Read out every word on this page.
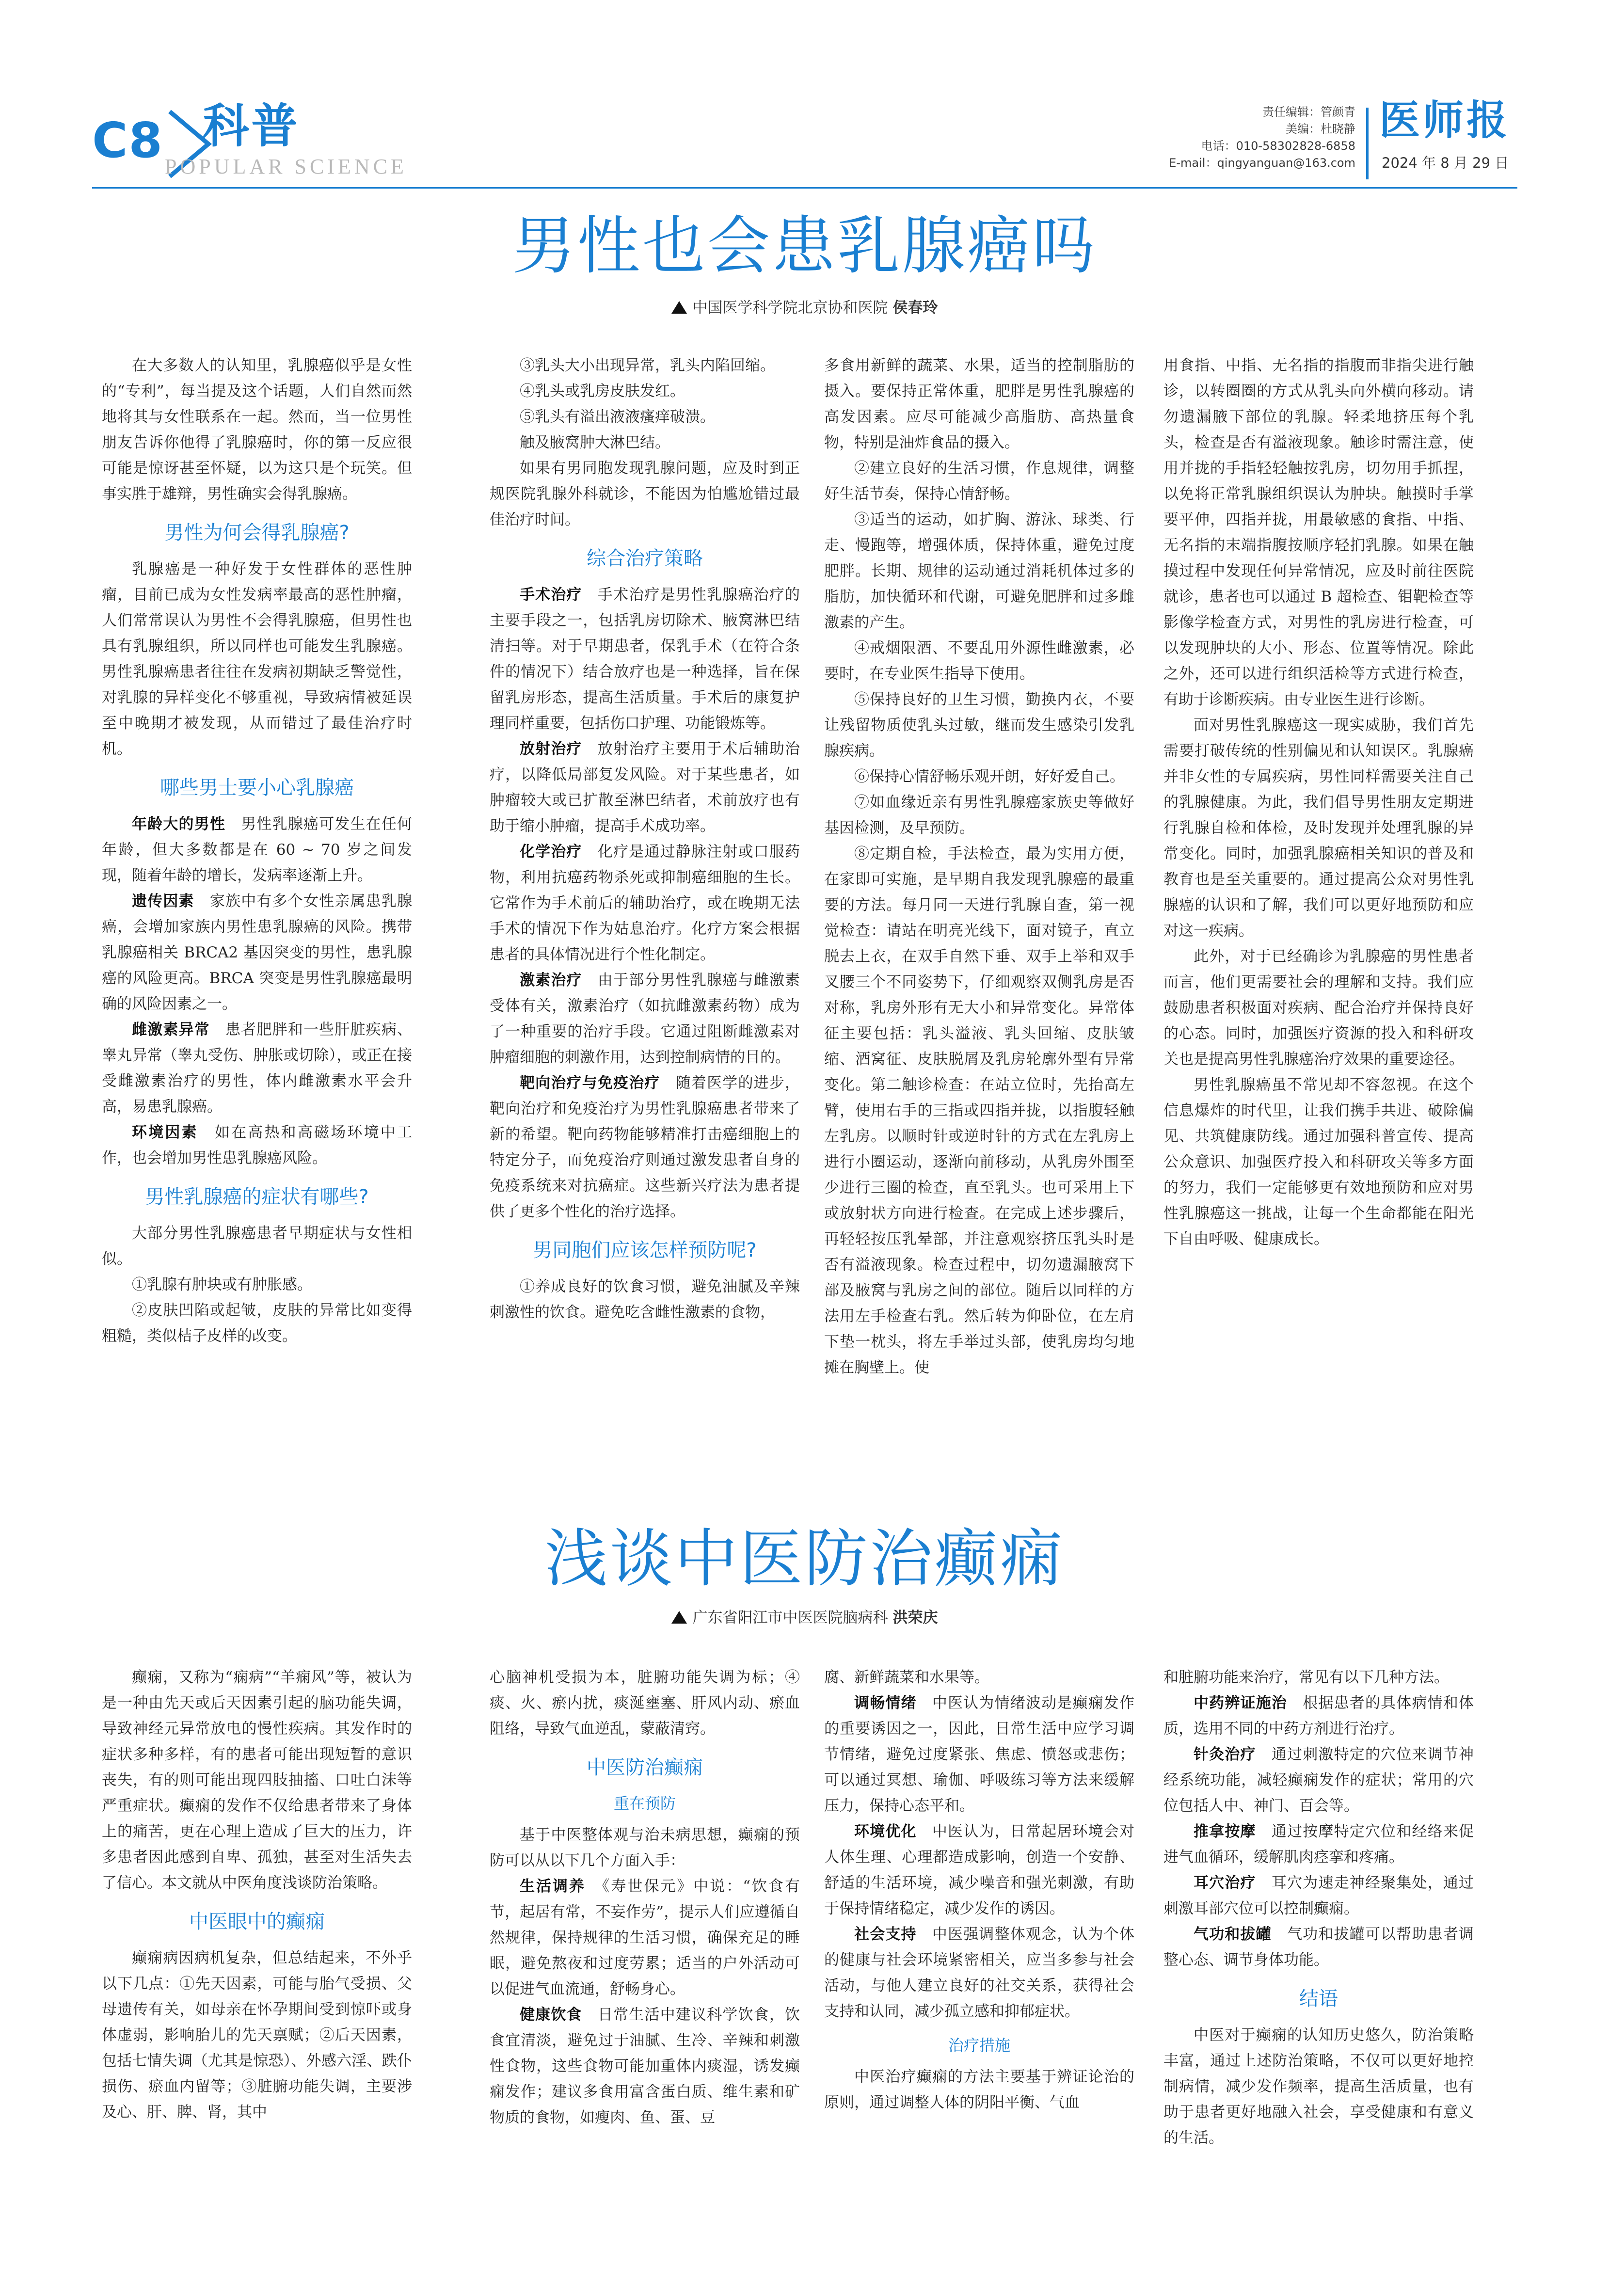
C8 科普
POPULAR SCIENCE
责任编辑：管颜青
美编：杜晓静
电话：010-58302828-6858
E-mail：qingyanguan@163.com
医师报
2024 年 8 月 29 日
男性也会患乳腺癌吗
中国医学科学院北京协和医院 侯春玲

在大多数人的认知里，乳腺癌似乎是女性的“专利”，每当提及这个话题，人们自然而然地将其与女性联系在一起。然而，当一位男性朋友告诉你他得了乳腺癌时，你的第一反应很可能是惊讶甚至怀疑，以为这只是个玩笑。但事实胜于雄辩，男性确实会得乳腺癌。

男性为何会得乳腺癌?

乳腺癌是一种好发于女性群体的恶性肿瘤，目前已成为女性发病率最高的恶性肿瘤，人们常常误认为男性不会得乳腺癌，但男性也具有乳腺组织，所以同样也可能发生乳腺癌。男性乳腺癌患者往往在发病初期缺乏警觉性，对乳腺的异样变化不够重视，导致病情被延误至中晚期才被发现，从而错过了最佳治疗时机。

哪些男士要小心乳腺癌

年龄大的男性　男性乳腺癌可发生在任何年龄，但大多数都是在 60 ~ 70 岁之间发现，随着年龄的增长，发病率逐渐上升。

遗传因素　家族中有多个女性亲属患乳腺癌，会增加家族内男性患乳腺癌的风险。携带乳腺癌相关 BRCA2 基因突变的男性，患乳腺癌的风险更高。BRCA 突变是男性乳腺癌最明确的风险因素之一。

雌激素异常　患者肥胖和一些肝脏疾病、睾丸异常（睾丸受伤、肿胀或切除），或正在接受雌激素治疗的男性，体内雌激素水平会升高，易患乳腺癌。

环境因素　如在高热和高磁场环境中工作，也会增加男性患乳腺癌风险。

男性乳腺癌的症状有哪些?

大部分男性乳腺癌患者早期症状与女性相似。

①乳腺有肿块或有肿胀感。

②皮肤凹陷或起皱，皮肤的异常比如变得粗糙，类似桔子皮样的改变。

③乳头大小出现异常，乳头内陷回缩。

④乳头或乳房皮肤发红。

⑤乳头有溢出液液瘙痒破溃。

触及腋窝肿大淋巴结。

如果有男同胞发现乳腺问题，应及时到正规医院乳腺外科就诊，不能因为怕尴尬错过最佳治疗时间。

综合治疗策略

手术治疗　手术治疗是男性乳腺癌治疗的主要手段之一，包括乳房切除术、腋窝淋巴结清扫等。对于早期患者，保乳手术（在符合条件的情况下）结合放疗也是一种选择，旨在保留乳房形态，提高生活质量。手术后的康复护理同样重要，包括伤口护理、功能锻炼等。

放射治疗　放射治疗主要用于术后辅助治疗，以降低局部复发风险。对于某些患者，如肿瘤较大或已扩散至淋巴结者，术前放疗也有助于缩小肿瘤，提高手术成功率。

化学治疗　化疗是通过静脉注射或口服药物，利用抗癌药物杀死或抑制癌细胞的生长。它常作为手术前后的辅助治疗，或在晚期无法手术的情况下作为姑息治疗。化疗方案会根据患者的具体情况进行个性化制定。

激素治疗　由于部分男性乳腺癌与雌激素受体有关，激素治疗（如抗雌激素药物）成为了一种重要的治疗手段。它通过阻断雌激素对肿瘤细胞的刺激作用，达到控制病情的目的。

靶向治疗与免疫治疗　随着医学的进步，靶向治疗和免疫治疗为男性乳腺癌患者带来了新的希望。靶向药物能够精准打击癌细胞上的特定分子，而免疫治疗则通过激发患者自身的免疫系统来对抗癌症。这些新兴疗法为患者提供了更多个性化的治疗选择。

男同胞们应该怎样预防呢?

①养成良好的饮食习惯，避免油腻及辛辣刺激性的饮食。避免吃含雌性激素的食物，

多食用新鲜的蔬菜、水果，适当的控制脂肪的摄入。要保持正常体重，肥胖是男性乳腺癌的高发因素。应尽可能减少高脂肪、高热量食物，特别是油炸食品的摄入。

②建立良好的生活习惯，作息规律，调整好生活节奏，保持心情舒畅。

③适当的运动，如扩胸、游泳、球类、行走、慢跑等，增强体质，保持体重，避免过度肥胖。长期、规律的运动通过消耗机体过多的脂肪，加快循环和代谢，可避免肥胖和过多雌激素的产生。

④戒烟限酒、不要乱用外源性雌激素，必要时，在专业医生指导下使用。

⑤保持良好的卫生习惯，勤换内衣，不要让残留物质使乳头过敏，继而发生感染引发乳腺疾病。

⑥保持心情舒畅乐观开朗，好好爱自己。

⑦如血缘近亲有男性乳腺癌家族史等做好基因检测，及早预防。

⑧定期自检，手法检查，最为实用方便，在家即可实施，是早期自我发现乳腺癌的最重要的方法。每月同一天进行乳腺自查，第一视觉检查：请站在明亮光线下，面对镜子，直立脱去上衣，在双手自然下垂、双手上举和双手叉腰三个不同姿势下，仔细观察双侧乳房是否对称，乳房外形有无大小和异常变化。异常体征主要包括：乳头溢液、乳头回缩、皮肤皱缩、酒窝征、皮肤脱屑及乳房轮廓外型有异常变化。第二触诊检查：在站立位时，先抬高左臂，使用右手的三指或四指并拢，以指腹轻触左乳房。以顺时针或逆时针的方式在左乳房上进行小圈运动，逐渐向前移动，从乳房外围至少进行三圈的检查，直至乳头。也可采用上下或放射状方向进行检查。在完成上述步骤后，再轻轻按压乳晕部，并注意观察挤压乳头时是否有溢液现象。检查过程中，切勿遗漏腋窝下部及腋窝与乳房之间的部位。随后以同样的方法用左手检查右乳。然后转为仰卧位，在左肩下垫一枕头，将左手举过头部，使乳房均匀地摊在胸壁上。使

用食指、中指、无名指的指腹而非指尖进行触诊，以转圈圈的方式从乳头向外横向移动。请勿遗漏腋下部位的乳腺。轻柔地挤压每个乳头，检查是否有溢液现象。触诊时需注意，使用并拢的手指轻轻触按乳房，切勿用手抓捏，以免将正常乳腺组织误认为肿块。触摸时手掌要平伸，四指并拢，用最敏感的食指、中指、无名指的末端指腹按顺序轻扪乳腺。如果在触摸过程中发现任何异常情况，应及时前往医院就诊，患者也可以通过 B 超检查、钼靶检查等影像学检查方式，对男性的乳房进行检查，可以发现肿块的大小、形态、位置等情况。除此之外，还可以进行组织活检等方式进行检查，有助于诊断疾病。由专业医生进行诊断。

面对男性乳腺癌这一现实威胁，我们首先需要打破传统的性别偏见和认知误区。乳腺癌并非女性的专属疾病，男性同样需要关注自己的乳腺健康。为此，我们倡导男性朋友定期进行乳腺自检和体检，及时发现并处理乳腺的异常变化。同时，加强乳腺癌相关知识的普及和教育也是至关重要的。通过提高公众对男性乳腺癌的认识和了解，我们可以更好地预防和应对这一疾病。

此外，对于已经确诊为乳腺癌的男性患者而言，他们更需要社会的理解和支持。我们应鼓励患者积极面对疾病、配合治疗并保持良好的心态。同时，加强医疗资源的投入和科研攻关也是提高男性乳腺癌治疗效果的重要途径。

男性乳腺癌虽不常见却不容忽视。在这个信息爆炸的时代里，让我们携手共进、破除偏见、共筑健康防线。通过加强科普宣传、提高公众意识、加强医疗投入和科研攻关等多方面的努力，我们一定能够更有效地预防和应对男性乳腺癌这一挑战，让每一个生命都能在阳光下自由呼吸、健康成长。

浅谈中医防治癫痫
广东省阳江市中医医院脑病科 洪荣庆

癫痫，又称为“痫病”“羊痫风”等，被认为是一种由先天或后天因素引起的脑功能失调，导致神经元异常放电的慢性疾病。其发作时的症状多种多样，有的患者可能出现短暂的意识丧失，有的则可能出现四肢抽搐、口吐白沫等严重症状。癫痫的发作不仅给患者带来了身体上的痛苦，更在心理上造成了巨大的压力，许多患者因此感到自卑、孤独，甚至对生活失去了信心。本文就从中医角度浅谈防治策略。

中医眼中的癫痫

癫痫病因病机复杂，但总结起来，不外乎以下几点：①先天因素，可能与胎气受损、父母遗传有关，如母亲在怀孕期间受到惊吓或身体虚弱，影响胎儿的先天禀赋；②后天因素，包括七情失调（尤其是惊恐）、外感六淫、跌仆损伤、瘀血内留等；③脏腑功能失调，主要涉及心、肝、脾、肾，其中

心脑神机受损为本，脏腑功能失调为标；④痰、火、瘀内扰，痰涎壅塞、肝风内动、瘀血阻络，导致气血逆乱，蒙蔽清窍。

中医防治癫痫
重在预防

基于中医整体观与治未病思想，癫痫的预防可以从以下几个方面入手：

生活调养　《寿世保元》中说：“饮食有节，起居有常，不妄作劳”，提示人们应遵循自然规律，保持规律的生活习惯，确保充足的睡眠，避免熬夜和过度劳累；适当的户外活动可以促进气血流通，舒畅身心。

健康饮食　日常生活中建议科学饮食，饮食宜清淡，避免过于油腻、生冷、辛辣和刺激性食物，这些食物可能加重体内痰湿，诱发癫痫发作；建议多食用富含蛋白质、维生素和矿物质的食物，如瘦肉、鱼、蛋、豆

腐、新鲜蔬菜和水果等。

调畅情绪　中医认为情绪波动是癫痫发作的重要诱因之一，因此，日常生活中应学习调节情绪，避免过度紧张、焦虑、愤怒或悲伤；可以通过冥想、瑜伽、呼吸练习等方法来缓解压力，保持心态平和。

环境优化　中医认为，日常起居环境会对人体生理、心理都造成影响，创造一个安静、舒适的生活环境，减少噪音和强光刺激，有助于保持情绪稳定，减少发作的诱因。

社会支持　中医强调整体观念，认为个体的健康与社会环境紧密相关，应当多参与社会活动，与他人建立良好的社交关系，获得社会支持和认同，减少孤立感和抑郁症状。

治疗措施

中医治疗癫痫的方法主要基于辨证论治的原则，通过调整人体的阴阳平衡、气血

和脏腑功能来治疗，常见有以下几种方法。

中药辨证施治　根据患者的具体病情和体质，选用不同的中药方剂进行治疗。

针灸治疗　通过刺激特定的穴位来调节神经系统功能，减轻癫痫发作的症状；常用的穴位包括人中、神门、百会等。

推拿按摩　通过按摩特定穴位和经络来促进气血循环，缓解肌肉痉挛和疼痛。

耳穴治疗　耳穴为速走神经聚集处，通过刺激耳部穴位可以控制癫痫。

气功和拔罐　气功和拔罐可以帮助患者调整心态、调节身体功能。

结语

中医对于癫痫的认知历史悠久，防治策略丰富，通过上述防治策略，不仅可以更好地控制病情，减少发作频率，提高生活质量，也有助于患者更好地融入社会，享受健康和有意义的生活。
